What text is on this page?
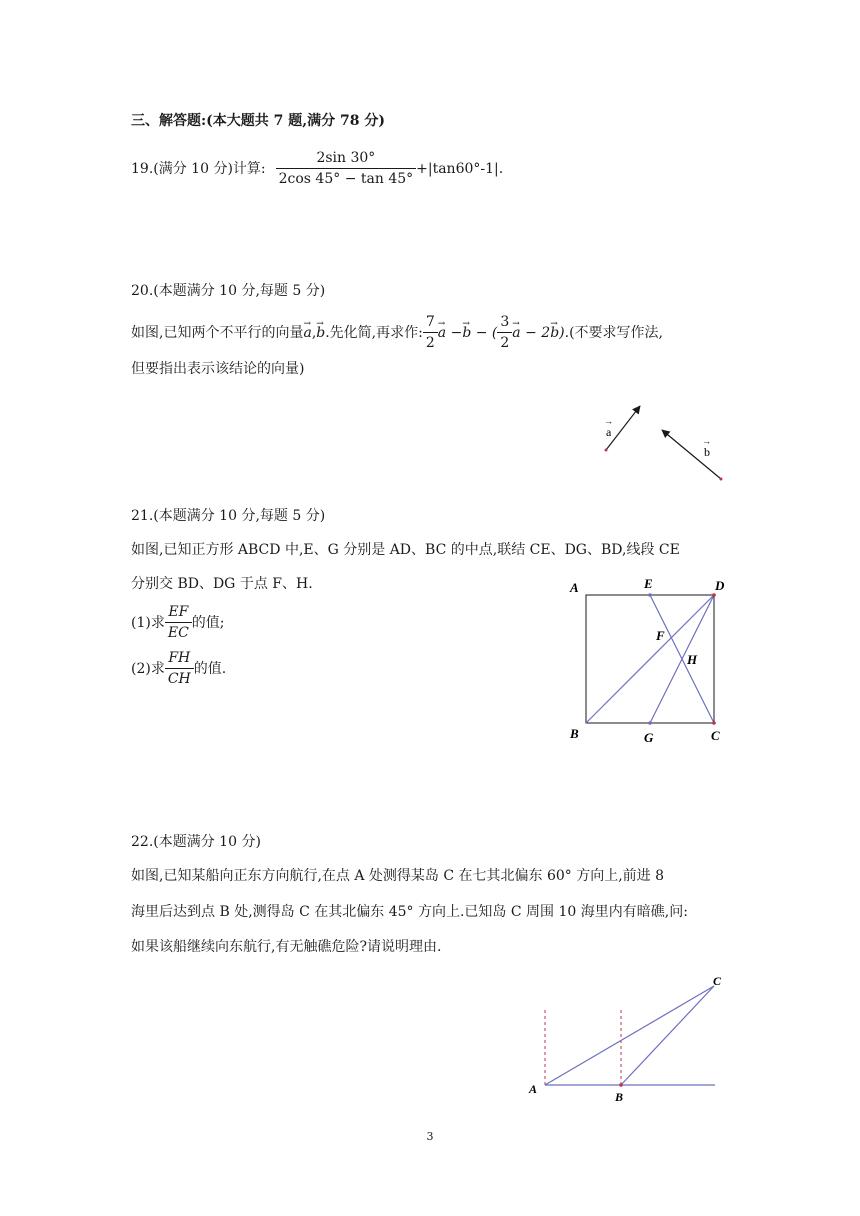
三、解答题:(本大题共 7 题,满分 78 分)
19.(满分 10 分)计算: $\frac{2\sin 30^\circ}{2\cos 45^\circ - \tan 45^\circ} +|\tan 60^\circ-1|$.
20.(本题满分 10 分,每题 5 分)
如图,已知两个不平行的向量
→ a ,
→ b .先化简,再求作: $\frac{7}{2}$
→ a −
→ b − ( $\frac{3}{2}$
→ a − 2
→ b). (不要求写作法,
但要指出表示该结论的向量)
a
→
b
→
21.(本题满分 10 分,每题 5 分)
如图,已知正方形 ABCD 中,E、G 分别是 AD、BC 的中点,联结 CE、DG、BD,线段 CE
分别交 BD、DG 于点 F、H.
(1)求 $\frac{EF}{EC}$ 的值;
(2)求 $\frac{FH}{CH}$ 的值.
A	E	D
F
H
B	G	C
22.(本题满分 10 分)
如图,已知某船向正东方向航行,在点 A 处测得某岛 C 在七其北偏东 60° 方向上,前进 8
海里后达到点 B 处,测得岛 C 在其北偏东 45° 方向上.已知岛 C 周围 10 海里内有暗礁,问:
如果该船继续向东航行,有无触礁危险?请说明理由.
A
B
C
3
